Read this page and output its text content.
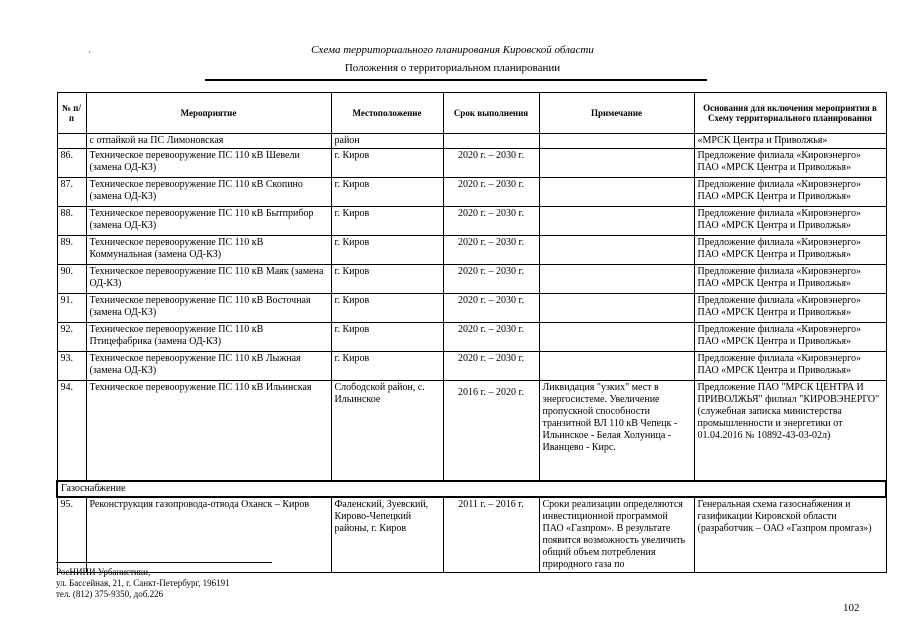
·	Схема территориального планирования Кировской области
Положения о территориальном планировании
№ п/п	Мероприятие	Местоположение	Срок выполнения	Примечание	Основания для включения мероприятия в Схему территориального планирования
	с отпайкой на ПС Лимоновская	район			«МРСК Центра и Приволжья»
86.	Техническое перевооружение ПС 110 кВ Шевели (замена ОД-КЗ)	г. Киров	2020 г. – 2030 г.		Предложение филиала «Кировэнерго» ПАО «МРСК Центра и Приволжья»
87.	Техническое перевооружение ПС 110 кВ Скопино (замена ОД-КЗ)	г. Киров	2020 г. – 2030 г.		Предложение филиала «Кировэнерго» ПАО «МРСК Центра и Приволжья»
88.	Техническое перевооружение ПС 110 кВ Бытприбор (замена ОД-КЗ)	г. Киров	2020 г. – 2030 г.		Предложение филиала «Кировэнерго» ПАО «МРСК Центра и Приволжья»
89.	Техническое перевооружение ПС 110 кВ Коммунальная (замена ОД-КЗ)	г. Киров	2020 г. – 2030 г.		Предложение филиала «Кировэнерго» ПАО «МРСК Центра и Приволжья»
90.	Техническое перевооружение ПС 110 кВ Маяк (замена ОД-КЗ)	г. Киров	2020 г. – 2030 г.		Предложение филиала «Кировэнерго» ПАО «МРСК Центра и Приволжья»
91.	Техническое перевооружение ПС 110 кВ Восточная (замена ОД-КЗ)	г. Киров	2020 г. – 2030 г.		Предложение филиала «Кировэнерго» ПАО «МРСК Центра и Приволжья»
92.	Техническое перевооружение ПС 110 кВ Птицефабрика (замена ОД-КЗ)	г. Киров	2020 г. – 2030 г.		Предложение филиала «Кировэнерго» ПАО «МРСК Центра и Приволжья»
93.	Техническое перевооружение ПС 110 кВ Лыжная (замена ОД-КЗ)	г. Киров	2020 г. – 2030 г.		Предложение филиала «Кировэнерго» ПАО «МРСК Центра и Приволжья»
94.	Техническое перевооружение ПС 110 кВ Ильинская	Слободской район, с. Ильинское	2016 г. – 2020 г.	Ликвидация "узких" мест в энергосистеме. Увеличение пропускной способности транзитной ВЛ 110 кВ Чепецк - Ильинское - Белая Холуница - Иванцево - Кирс.	Предложение ПАО "МРСК ЦЕНТРА И ПРИВОЛЖЬЯ" филиал "КИРОВЭНЕРГО" (служебная записка министерства промышленности и энергетики от 01.04.2016 № 10892-43-03-02л)
Газоснабжение					
95.	Реконструкция газопровода-отвода Оханск – Киров	Фаленский, Зуевский, Кирово-Чепецкий районы, г. Киров	2011 г. – 2016 г.	Сроки реализации определяются инвестиционной программой ПАО «Газпром». В результате появится возможность увеличить общий объем потребления природного газа по	Генеральная схема газоснабжения и газификации Кировской области (разработчик – ОАО «Газпром промгаз»)
РосНИПИ Урбанистики,
ул. Бассейная, 21, г. Санкт-Петербург, 196191
тел. (812) 375-9350, доб.226
102
